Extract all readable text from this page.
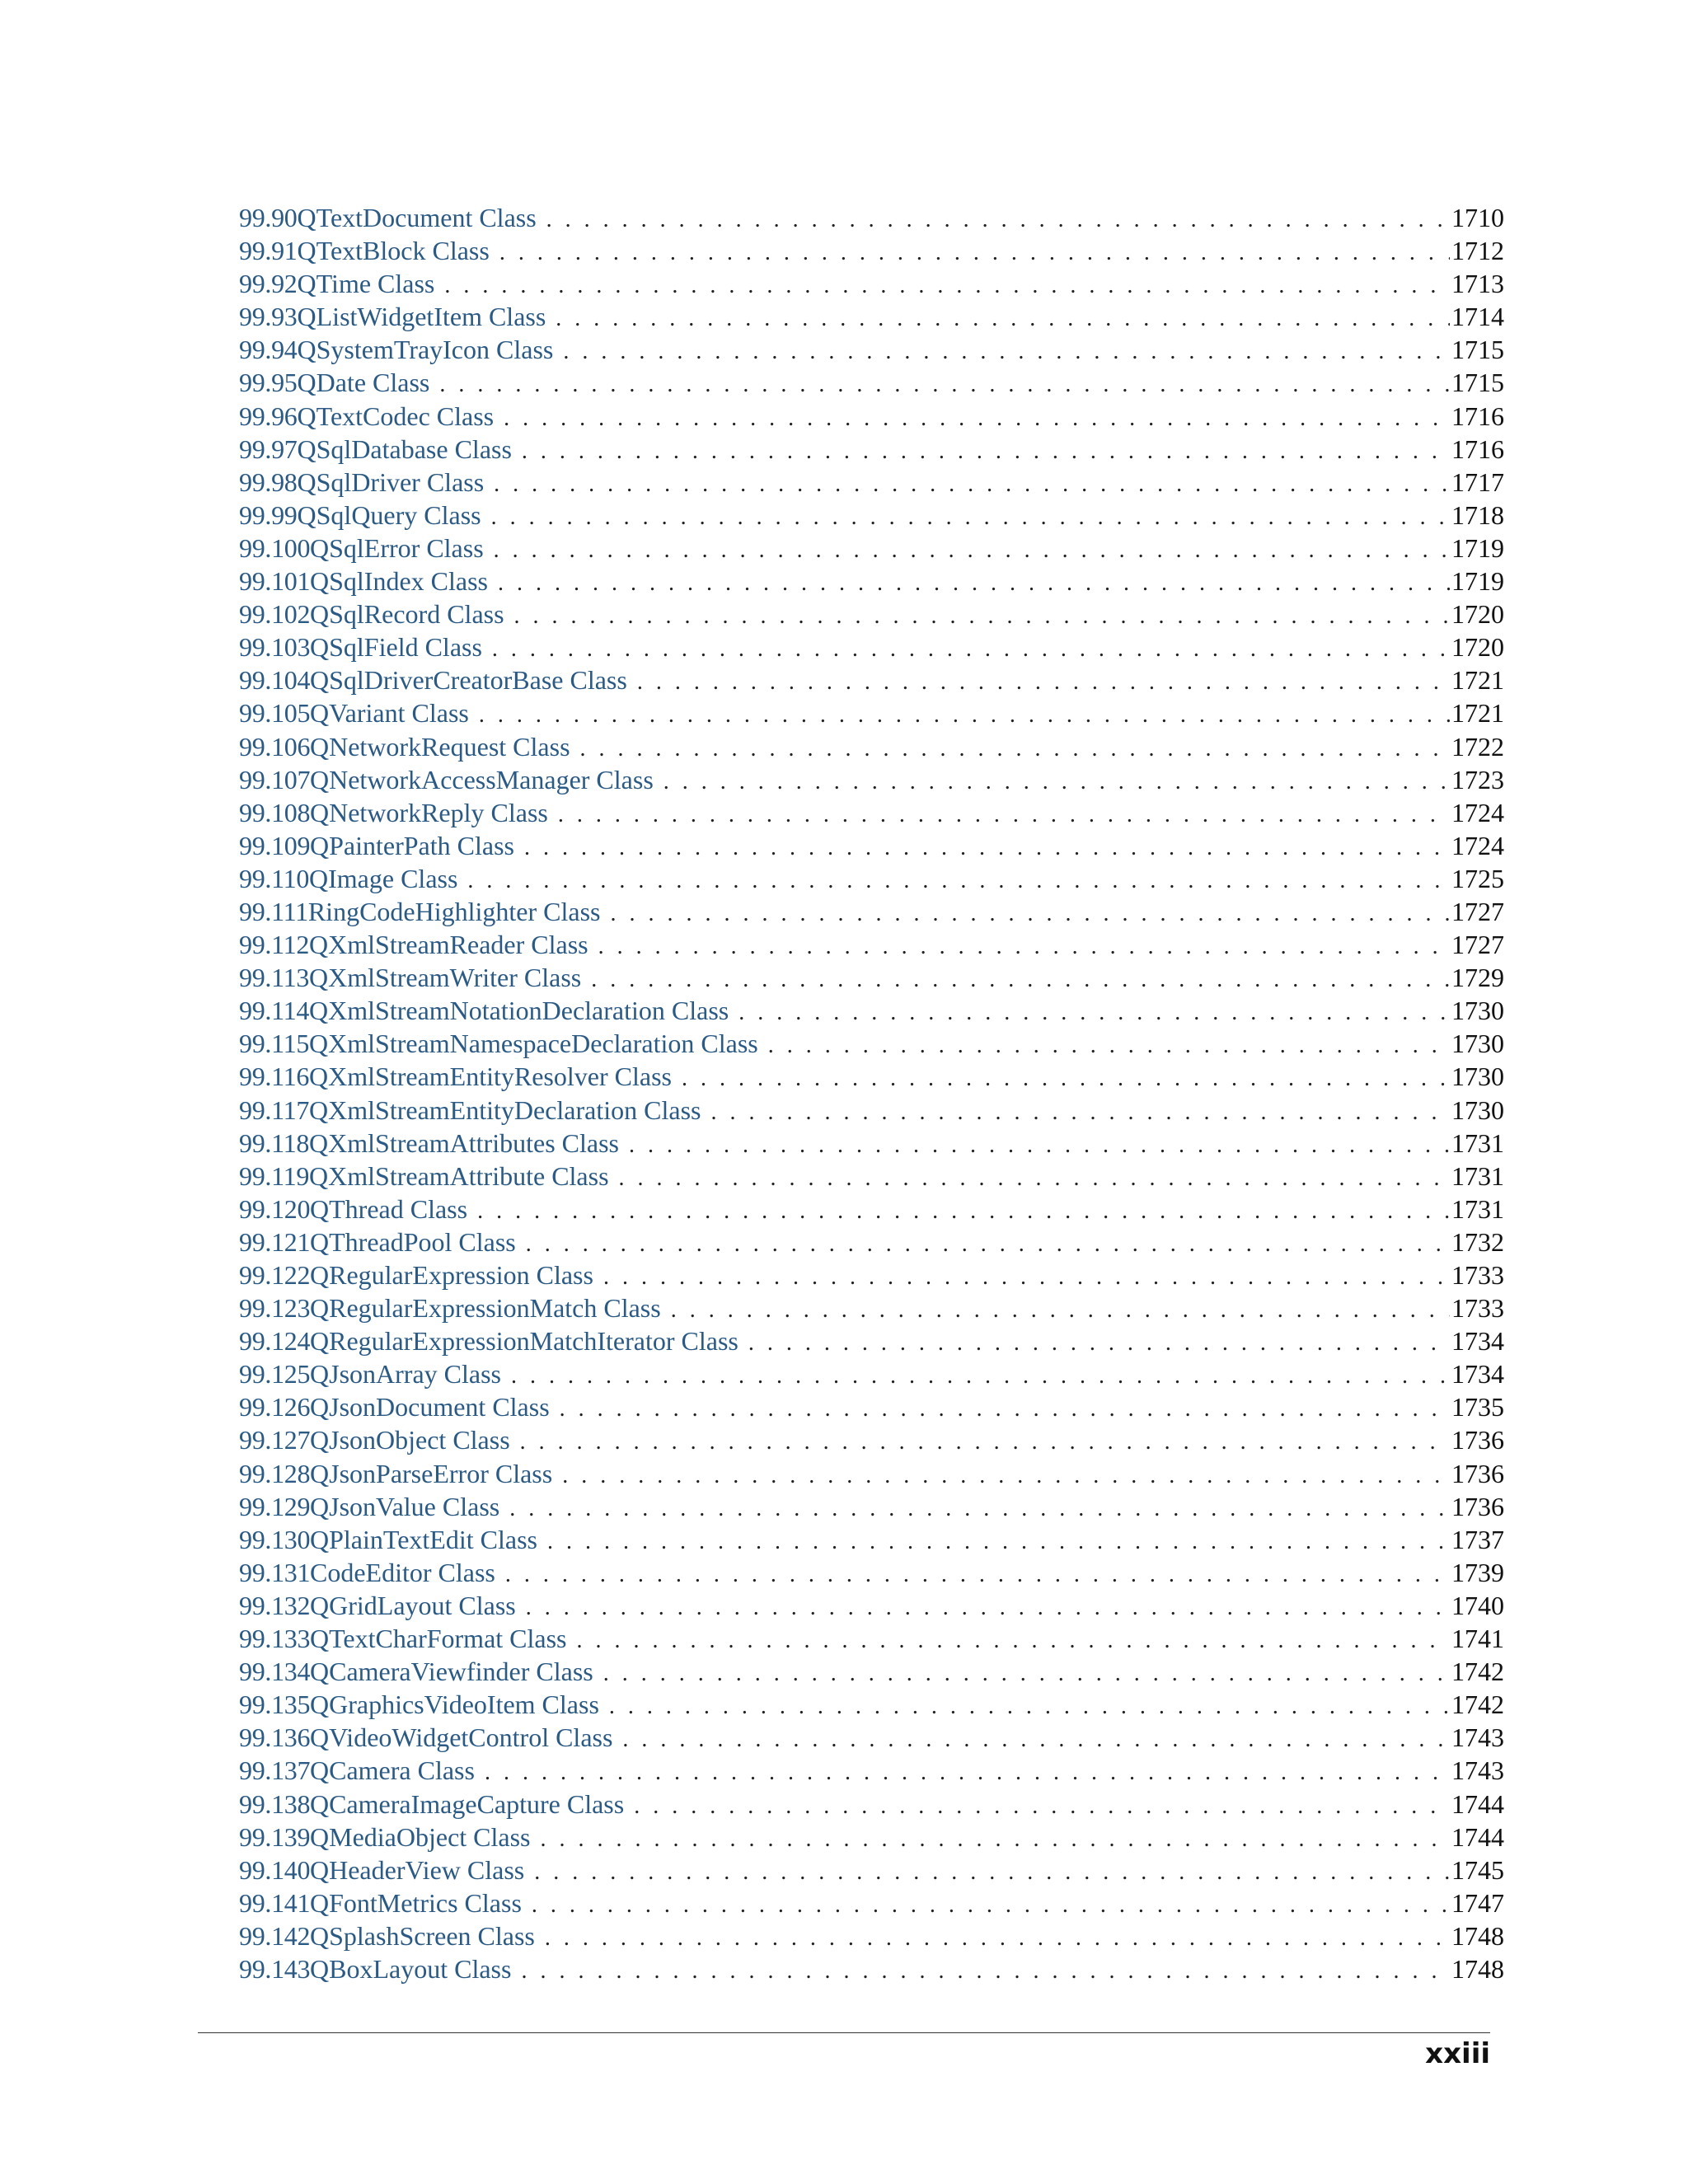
99.90 QTextDocument Class . . .	1710
99.91 QTextBlock Class . . .	1712
99.92 QTime Class . . .	1713
99.93 QListWidgetItem Class . . .	1714
99.94 QSystemTrayIcon Class . . .	1715
99.95 QDate Class . . .	1715
99.96 QTextCodec Class . . .	1716
99.97 QSqlDatabase Class . . .	1716
99.98 QSqlDriver Class . . .	1717
99.99 QSqlQuery Class . . .	1718
99.100 QSqlError Class . . .	1719
99.101 QSqlIndex Class . . .	1719
99.102 QSqlRecord Class . . .	1720
99.103 QSqlField Class . . .	1720
99.104 QSqlDriverCreatorBase Class . . .	1721
99.105 QVariant Class . . .	1721
99.106 QNetworkRequest Class . . .	1722
99.107 QNetworkAccessManager Class . . .	1723
99.108 QNetworkReply Class . . .	1724
99.109 QPainterPath Class . . .	1724
99.110 QImage Class . . .	1725
99.111 RingCodeHighlighter Class . . .	1727
99.112 QXmlStreamReader Class . . .	1727
99.113 QXmlStreamWriter Class . . .	1729
99.114 QXmlStreamNotationDeclaration Class . . .	1730
99.115 QXmlStreamNamespaceDeclaration Class . . .	1730
99.116 QXmlStreamEntityResolver Class . . .	1730
99.117 QXmlStreamEntityDeclaration Class . . .	1730
99.118 QXmlStreamAttributes Class . . .	1731
99.119 QXmlStreamAttribute Class . . .	1731
99.120 QThread Class . . .	1731
99.121 QThreadPool Class . . .	1732
99.122 QRegularExpression Class . . .	1733
99.123 QRegularExpressionMatch Class . . .	1733
99.124 QRegularExpressionMatchIterator Class . . .	1734
99.125 QJsonArray Class . . .	1734
99.126 QJsonDocument Class . . .	1735
99.127 QJsonObject Class . . .	1736
99.128 QJsonParseError Class . . .	1736
99.129 QJsonValue Class . . .	1736
99.130 QPlainTextEdit Class . . .	1737
99.131 CodeEditor Class . . .	1739
99.132 QGridLayout Class . . .	1740
99.133 QTextCharFormat Class . . .	1741
99.134 QCameraViewfinder Class . . .	1742
99.135 QGraphicsVideoItem Class . . .	1742
99.136 QVideoWidgetControl Class . . .	1743
99.137 QCamera Class . . .	1743
99.138 QCameraImageCapture Class . . .	1744
99.139 QMediaObject Class . . .	1744
99.140 QHeaderView Class . . .	1745
99.141 QFontMetrics Class . . .	1747
99.142 QSplashScreen Class . . .	1748
99.143 QBoxLayout Class . . .	1748
xxiii
